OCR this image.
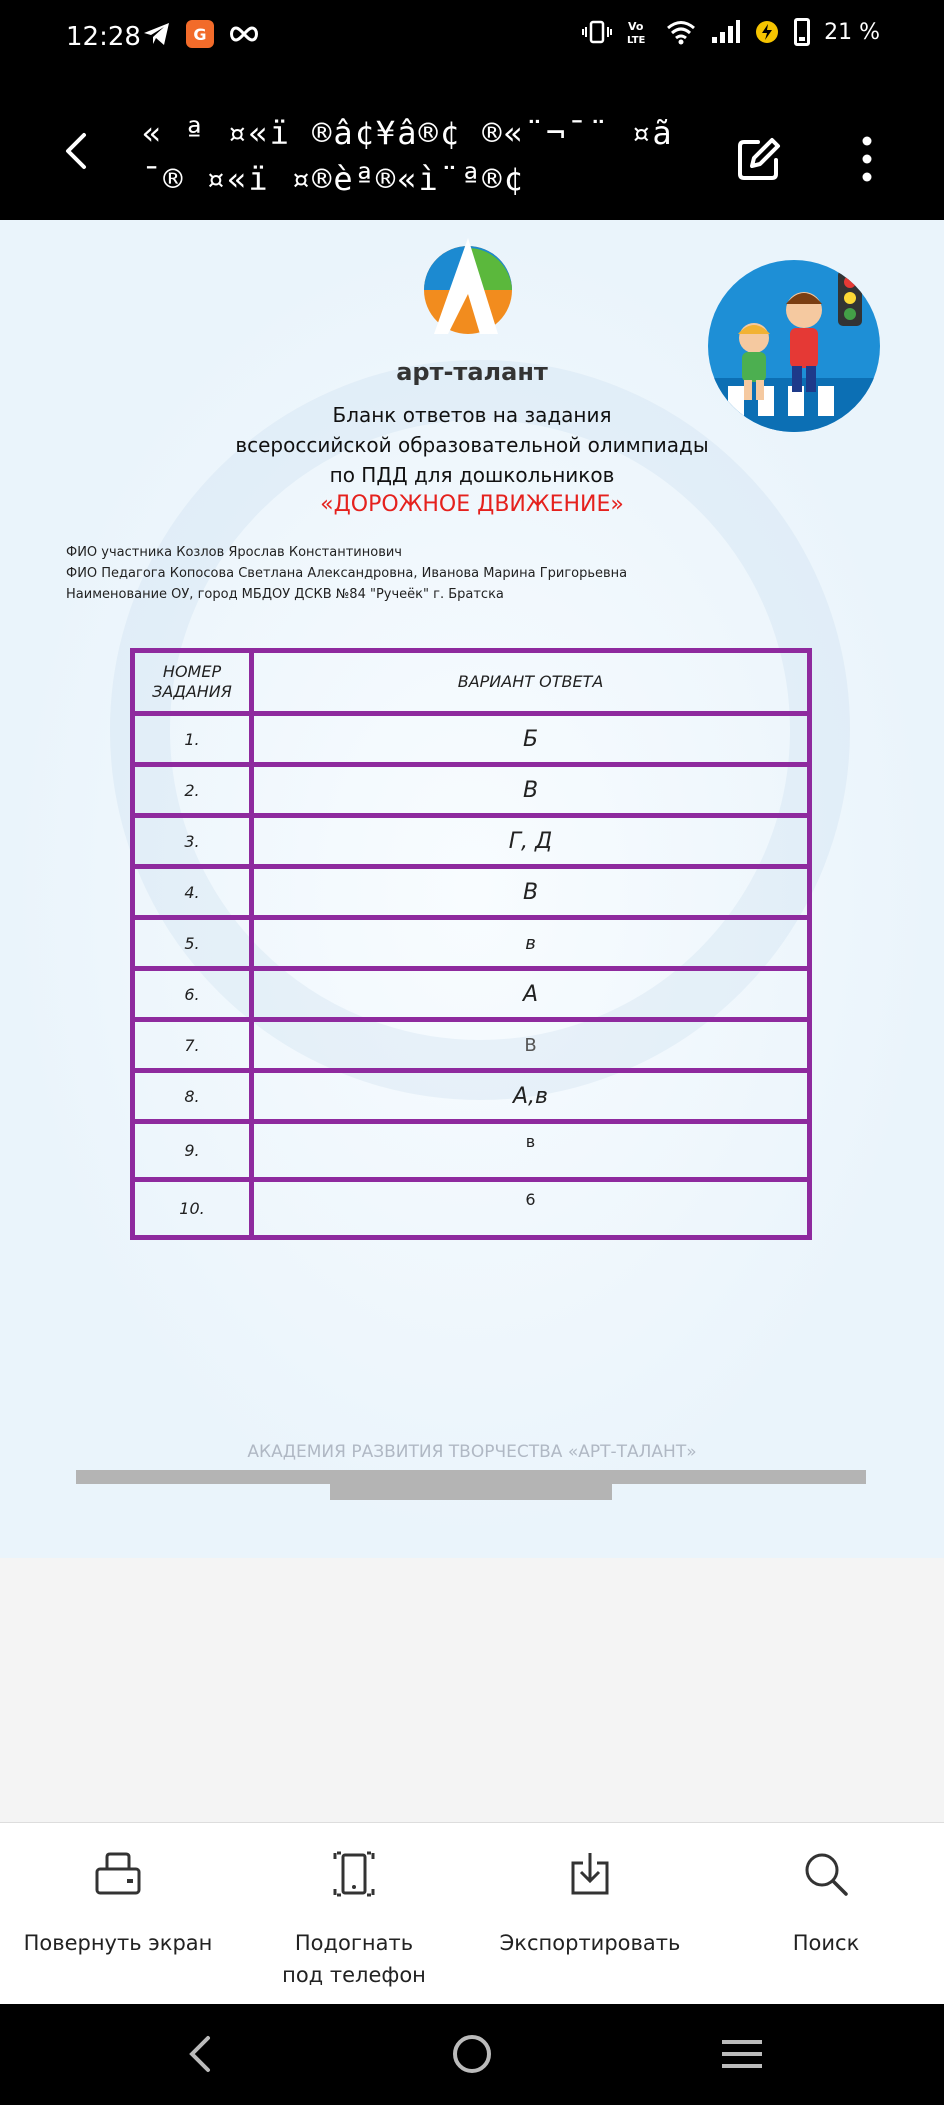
12:28	G	Vo
LTE	21 %
« ª ¤«ï ®â¢¥â®¢ ®«¨¬¯¨ ¤ã ¯® ¤«ï ¤®èª®«ì¨ª®¢
арт-талант
Бланк ответов на задания
всероссийской образовательной олимпиады
по ПДД для дошкольников
«ДОРОЖНОЕ ДВИЖЕНИЕ»
ФИО участника Козлов Ярослав Константинович
ФИО Педагога Копосова Светлана Александровна, Иванова Марина Григорьевна
Наименование ОУ, город МБДОУ ДСКВ №84 "Ручеёк" г. Братска
НОМЕР ЗАДАНИЯ	ВАРИАНТ ОТВЕТА
1.	Б
2.	В
3.	Г, Д
4.	В
5.	в
6.	А
7.	В
8.	А,в
9.	в
10.	6
АКАДЕМИЯ РАЗВИТИЯ ТВОРЧЕСТВА «АРТ-ТАЛАНТ»
Повернуть экран	Подогнать под телефон
Экспортировать	Поиск
